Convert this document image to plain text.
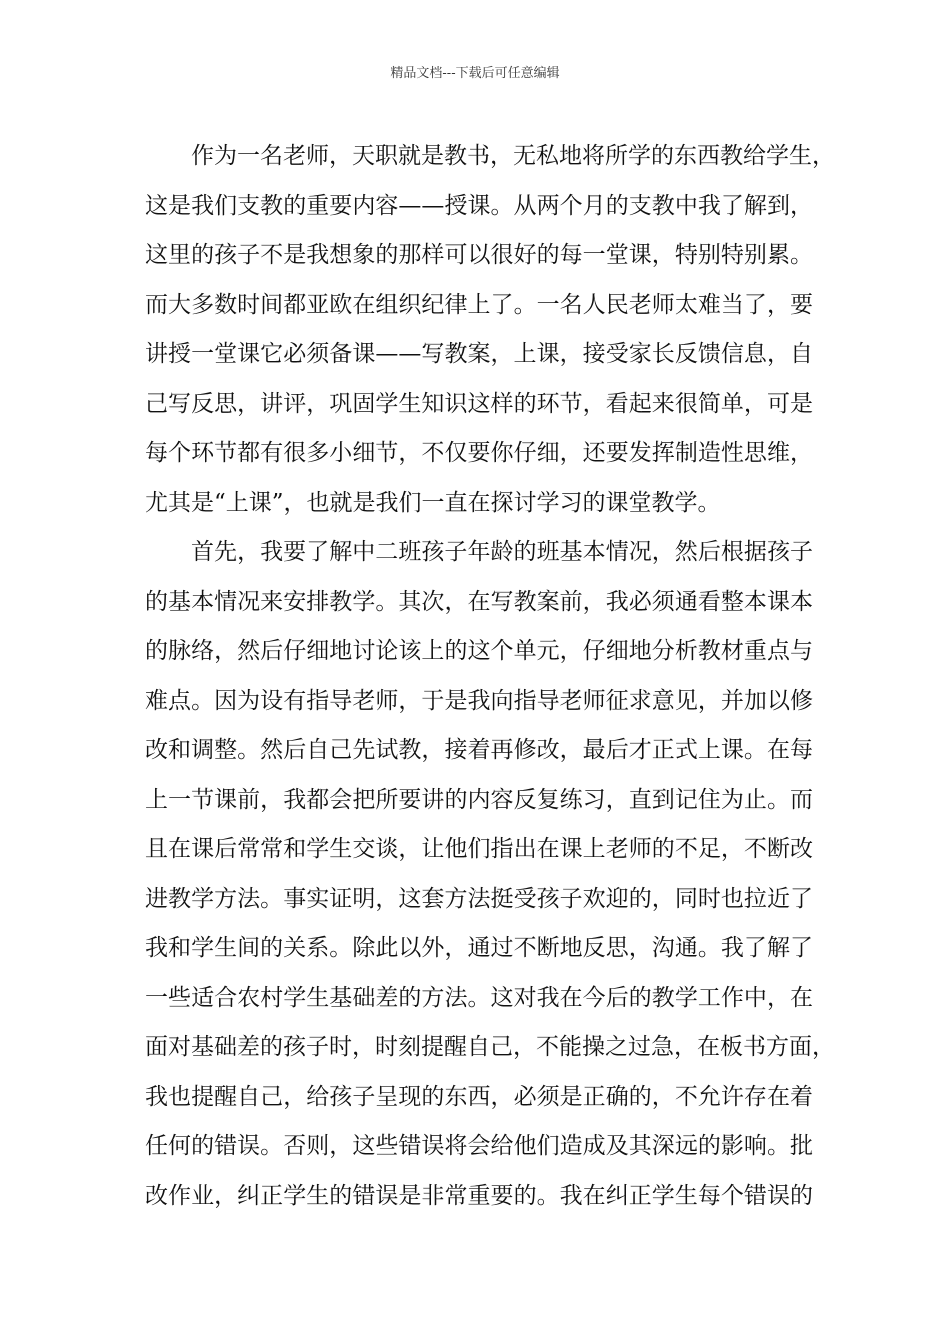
精品文档---下载后可任意编辑
作为一名老师，天职就是教书，无私地将所学的东西教给学生，
这是我们支教的重要内容——授课。从两个月的支教中我了解到，
这里的孩子不是我想象的那样可以很好的每一堂课，特别特别累。
而大多数时间都亚欧在组织纪律上了。一名人民老师太难当了，要
讲授一堂课它必须备课——写教案，上课，接受家长反馈信息，自
己写反思，讲评，巩固学生知识这样的环节，看起来很简单，可是
每个环节都有很多小细节，不仅要你仔细，还要发挥制造性思维，
尤其是“上课”，也就是我们一直在探讨学习的课堂教学。
首先，我要了解中二班孩子年龄的班基本情况，然后根据孩子
的基本情况来安排教学。其次，在写教案前，我必须通看整本课本
的脉络，然后仔细地讨论该上的这个单元，仔细地分析教材重点与
难点。因为设有指导老师，于是我向指导老师征求意见，并加以修
改和调整。然后自己先试教，接着再修改，最后才正式上课。在每
上一节课前，我都会把所要讲的内容反复练习，直到记住为止。而
且在课后常常和学生交谈，让他们指出在课上老师的不足，不断改
进教学方法。事实证明，这套方法挺受孩子欢迎的，同时也拉近了
我和学生间的关系。除此以外，通过不断地反思，沟通。我了解了
一些适合农村学生基础差的方法。这对我在今后的教学工作中，在
面对基础差的孩子时，时刻提醒自己，不能操之过急，在板书方面，
我也提醒自己，给孩子呈现的东西，必须是正确的，不允许存在着
任何的错误。否则，这些错误将会给他们造成及其深远的影响。批
改作业，纠正学生的错误是非常重要的。我在纠正学生每个错误的
